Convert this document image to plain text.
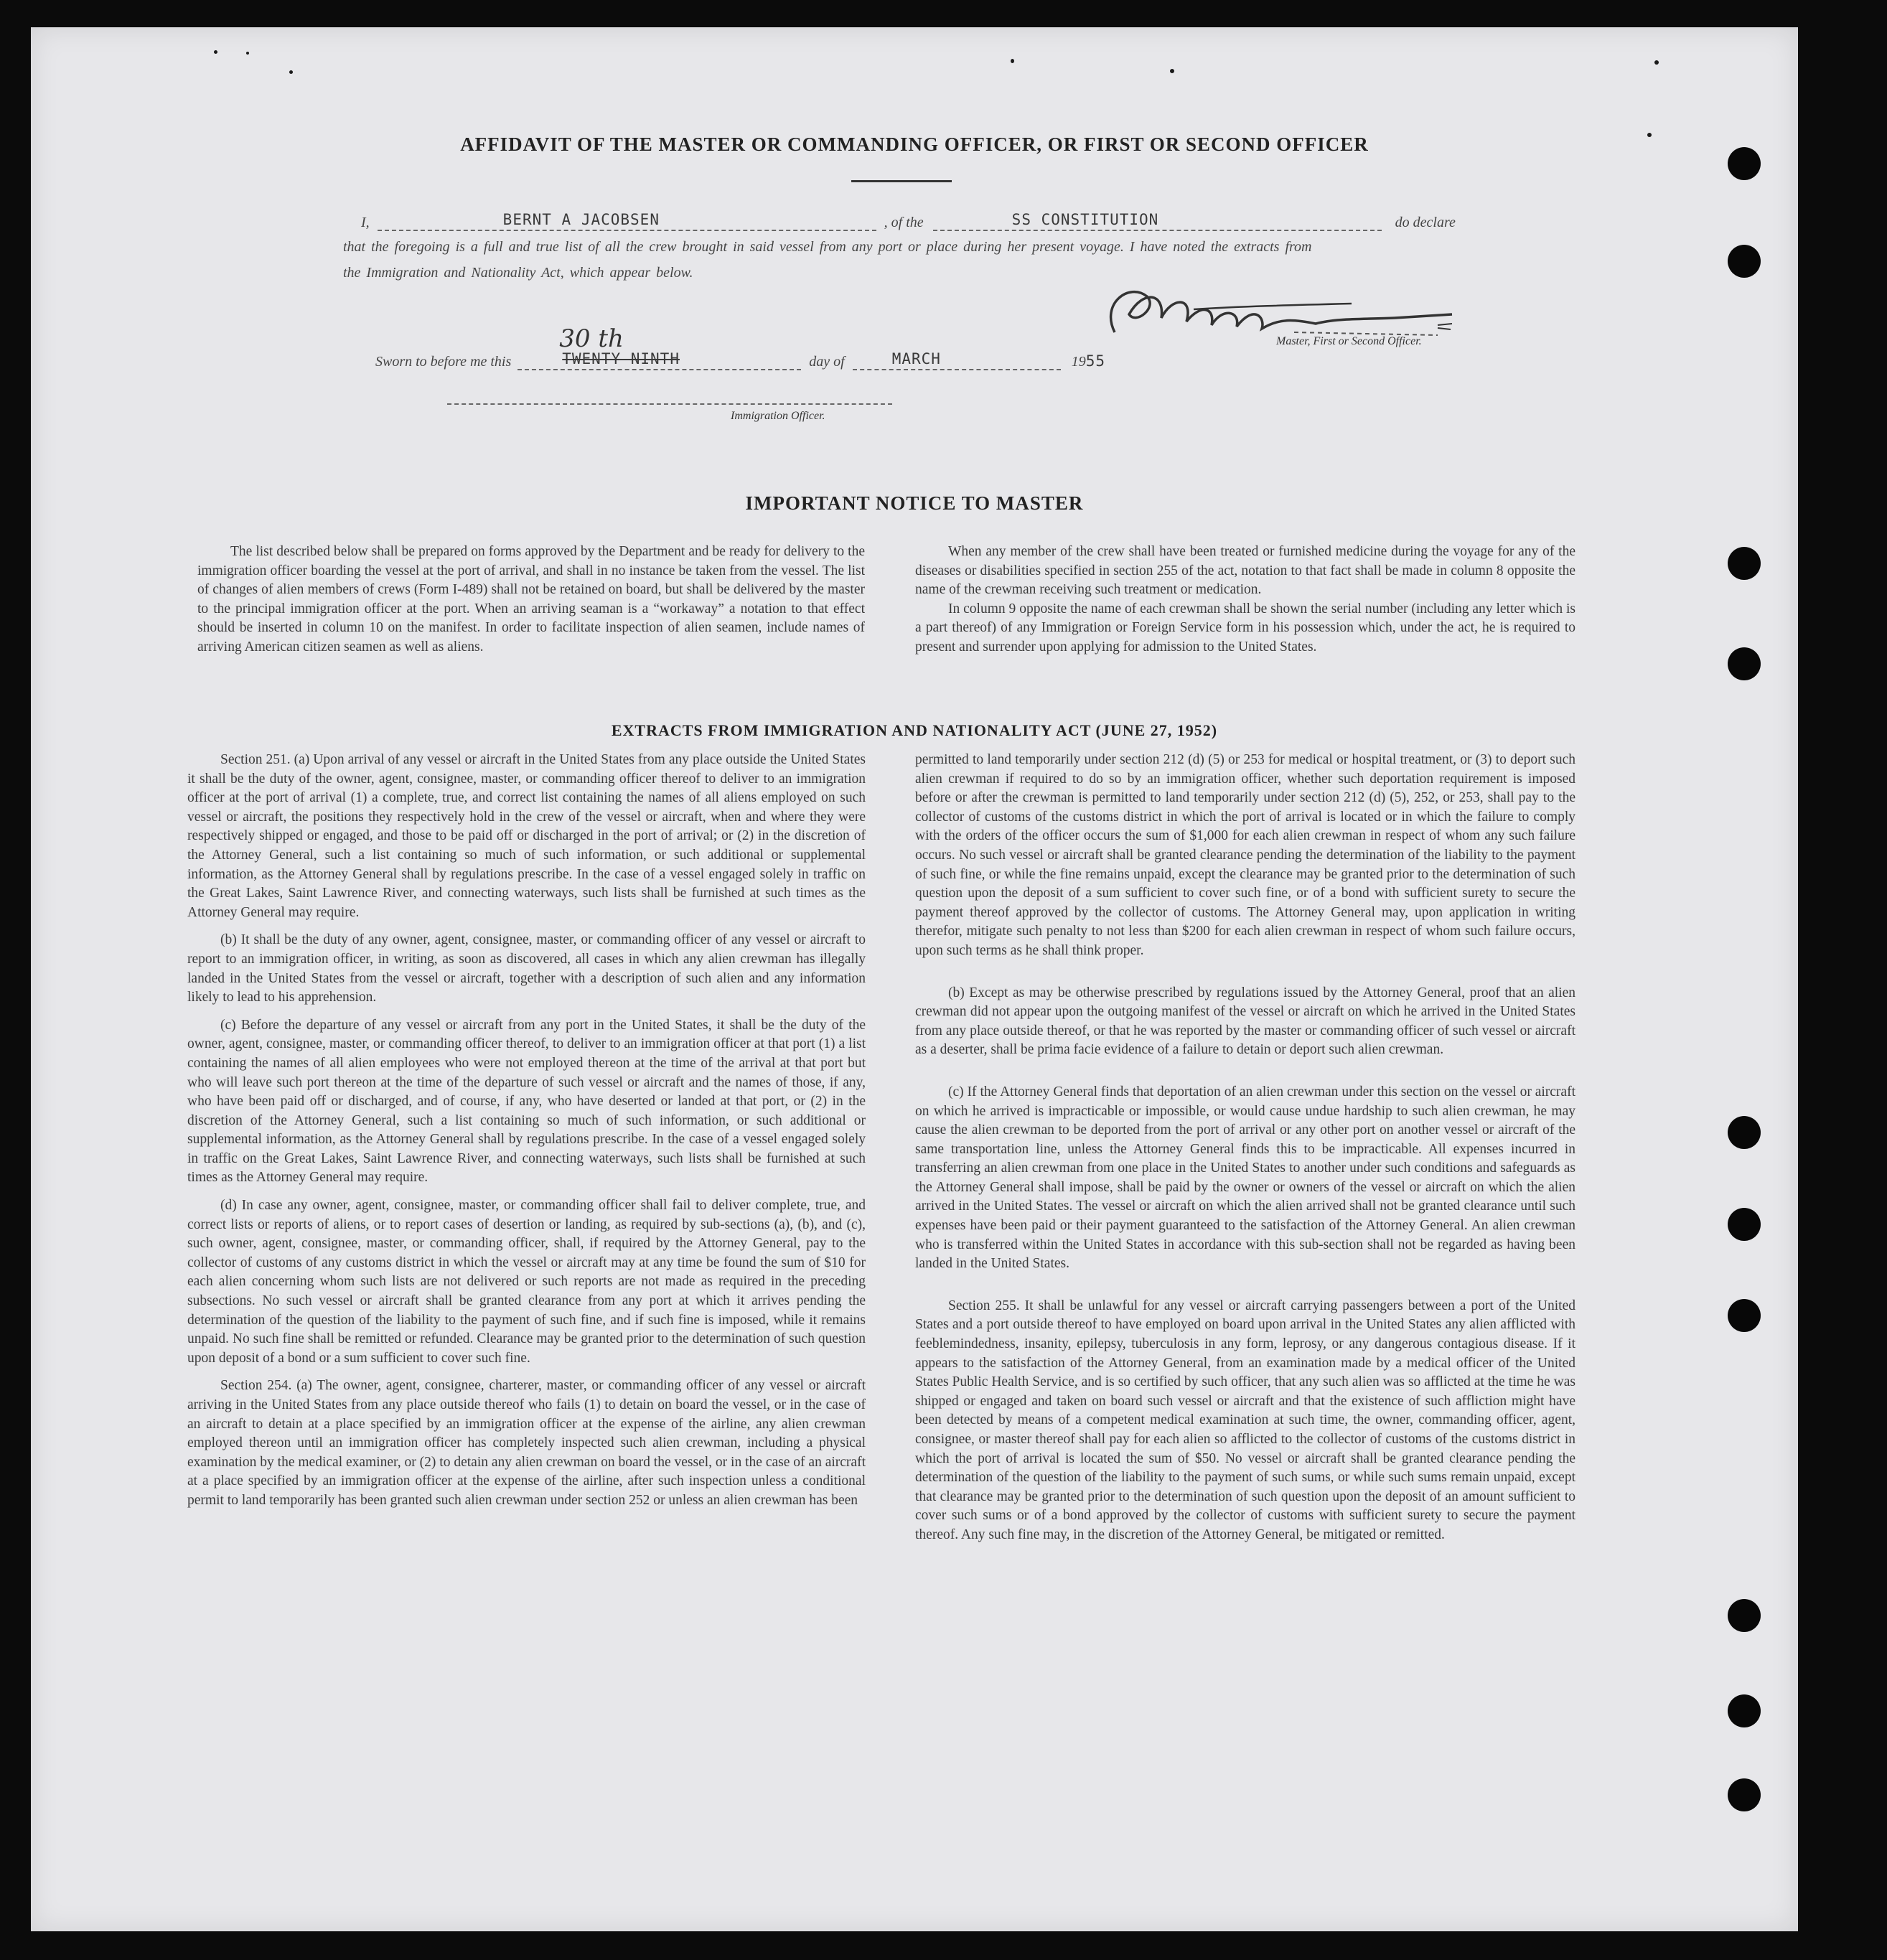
AFFIDAVIT OF THE MASTER OR COMMANDING OFFICER, OR FIRST OR SECOND OFFICER
I,	BERNT A JACOBSEN	, of the	SS CONSTITUTION	do declare
that the foregoing is a full and true list of all the crew brought in said vessel from any port or place during her present voyage. I have noted the extracts from
the Immigration and Nationality Act, which appear below.
Master, First or Second Officer.
Sworn to before me this
30 th
TWENTY NINTH	day of	MARCH	1955
Immigration Officer.
IMPORTANT NOTICE TO MASTER

The list described below shall be prepared on forms approved by the Department and be ready for delivery to the immigration officer boarding the vessel at the port of arrival, and shall in no instance be taken from the vessel. The list of changes of alien members of crews (Form I-489) shall not be retained on board, but shall be delivered by the master to the principal immigration officer at the port. When an arriving seaman is a “workaway” a notation to that effect should be inserted in column 10 on the manifest. In order to facilitate inspection of alien seamen, include names of arriving American citizen seamen as well as aliens.

When any member of the crew shall have been treated or furnished medicine during the voyage for any of the diseases or disabilities specified in section 255 of the act, notation to that fact shall be made in column 8 opposite the name of the crewman receiving such treatment or medication.

In column 9 opposite the name of each crewman shall be shown the serial number (including any letter which is a part thereof) of any Immigration or Foreign Service form in his possession which, under the act, he is required to present and surrender upon applying for admission to the United States.

EXTRACTS FROM IMMIGRATION AND NATIONALITY ACT (JUNE 27, 1952)

Section 251. (a) Upon arrival of any vessel or aircraft in the United States from any place outside the United States it shall be the duty of the owner, agent, consignee, master, or commanding officer thereof to deliver to an immigration officer at the port of arrival (1) a complete, true, and correct list containing the names of all aliens employed on such vessel or aircraft, the positions they respectively hold in the crew of the vessel or aircraft, when and where they were respectively shipped or engaged, and those to be paid off or discharged in the port of arrival; or (2) in the discretion of the Attorney General, such a list containing so much of such information, or such additional or supplemental information, as the Attorney General shall by regulations prescribe. In the case of a vessel engaged solely in traffic on the Great Lakes, Saint Lawrence River, and connecting waterways, such lists shall be furnished at such times as the Attorney General may require.

(b) It shall be the duty of any owner, agent, consignee, master, or commanding officer of any vessel or aircraft to report to an immigration officer, in writing, as soon as discovered, all cases in which any alien crewman has illegally landed in the United States from the vessel or aircraft, together with a description of such alien and any information likely to lead to his apprehension.

(c) Before the departure of any vessel or aircraft from any port in the United States, it shall be the duty of the owner, agent, consignee, master, or commanding officer thereof, to deliver to an immigration officer at that port (1) a list containing the names of all alien employees who were not employed thereon at the time of the arrival at that port but who will leave such port thereon at the time of the departure of such vessel or aircraft and the names of those, if any, who have been paid off or discharged, and of course, if any, who have deserted or landed at that port, or (2) in the discretion of the Attorney General, such a list containing so much of such information, or such additional or supplemental information, as the Attorney General shall by regulations prescribe. In the case of a vessel engaged solely in traffic on the Great Lakes, Saint Lawrence River, and connecting waterways, such lists shall be furnished at such times as the Attorney General may require.

(d) In case any owner, agent, consignee, master, or commanding officer shall fail to deliver complete, true, and correct lists or reports of aliens, or to report cases of desertion or landing, as required by sub-sections (a), (b), and (c), such owner, agent, consignee, master, or commanding officer, shall, if required by the Attorney General, pay to the collector of customs of any customs district in which the vessel or aircraft may at any time be found the sum of $10 for each alien concerning whom such lists are not delivered or such reports are not made as required in the preceding subsections. No such vessel or aircraft shall be granted clearance from any port at which it arrives pending the determination of the question of the liability to the payment of such fine, and if such fine is imposed, while it remains unpaid. No such fine shall be remitted or refunded. Clearance may be granted prior to the determination of such question upon deposit of a bond or a sum sufficient to cover such fine.

Section 254. (a) The owner, agent, consignee, charterer, master, or commanding officer of any vessel or aircraft arriving in the United States from any place outside thereof who fails (1) to detain on board the vessel, or in the case of an aircraft to detain at a place specified by an immigration officer at the expense of the airline, any alien crewman employed thereon until an immigration officer has completely inspected such alien crewman, including a physical examination by the medical examiner, or (2) to detain any alien crewman on board the vessel, or in the case of an aircraft at a place specified by an immigration officer at the expense of the airline, after such inspection unless a conditional permit to land temporarily has been granted such alien crewman under section 252 or unless an alien crewman has been

permitted to land temporarily under section 212 (d) (5) or 253 for medical or hospital treatment, or (3) to deport such alien crewman if required to do so by an immigration officer, whether such deportation requirement is imposed before or after the crewman is permitted to land temporarily under section 212 (d) (5), 252, or 253, shall pay to the collector of customs of the customs district in which the port of arrival is located or in which the failure to comply with the orders of the officer occurs the sum of $1,000 for each alien crewman in respect of whom any such failure occurs. No such vessel or aircraft shall be granted clearance pending the determination of the liability to the payment of such fine, or while the fine remains unpaid, except the clearance may be granted prior to the determination of such question upon the deposit of a sum sufficient to cover such fine, or of a bond with sufficient surety to secure the payment thereof approved by the collector of customs. The Attorney General may, upon application in writing therefor, mitigate such penalty to not less than $200 for each alien crewman in respect of whom such failure occurs, upon such terms as he shall think proper.

(b) Except as may be otherwise prescribed by regulations issued by the Attorney General, proof that an alien crewman did not appear upon the outgoing manifest of the vessel or aircraft on which he arrived in the United States from any place outside thereof, or that he was reported by the master or commanding officer of such vessel or aircraft as a deserter, shall be prima facie evidence of a failure to detain or deport such alien crewman.

(c) If the Attorney General finds that deportation of an alien crewman under this section on the vessel or aircraft on which he arrived is impracticable or impossible, or would cause undue hardship to such alien crewman, he may cause the alien crewman to be deported from the port of arrival or any other port on another vessel or aircraft of the same transportation line, unless the Attorney General finds this to be impracticable. All expenses incurred in transferring an alien crewman from one place in the United States to another under such conditions and safeguards as the Attorney General shall impose, shall be paid by the owner or owners of the vessel or aircraft on which the alien arrived in the United States. The vessel or aircraft on which the alien arrived shall not be granted clearance until such expenses have been paid or their payment guaranteed to the satisfaction of the Attorney General. An alien crewman who is transferred within the United States in accordance with this sub-section shall not be regarded as having been landed in the United States.

Section 255. It shall be unlawful for any vessel or aircraft carrying passengers between a port of the United States and a port outside thereof to have employed on board upon arrival in the United States any alien afflicted with feeblemindedness, insanity, epilepsy, tuberculosis in any form, leprosy, or any dangerous contagious disease. If it appears to the satisfaction of the Attorney General, from an examination made by a medical officer of the United States Public Health Service, and is so certified by such officer, that any such alien was so afflicted at the time he was shipped or engaged and taken on board such vessel or aircraft and that the existence of such affliction might have been detected by means of a competent medical examination at such time, the owner, commanding officer, agent, consignee, or master thereof shall pay for each alien so afflicted to the collector of customs of the customs district in which the port of arrival is located the sum of $50. No vessel or aircraft shall be granted clearance pending the determination of the question of the liability to the payment of such sums, or while such sums remain unpaid, except that clearance may be granted prior to the determination of such question upon the deposit of an amount sufficient to cover such sums or of a bond approved by the collector of customs with sufficient surety to secure the payment thereof. Any such fine may, in the discretion of the Attorney General, be mitigated or remitted.
